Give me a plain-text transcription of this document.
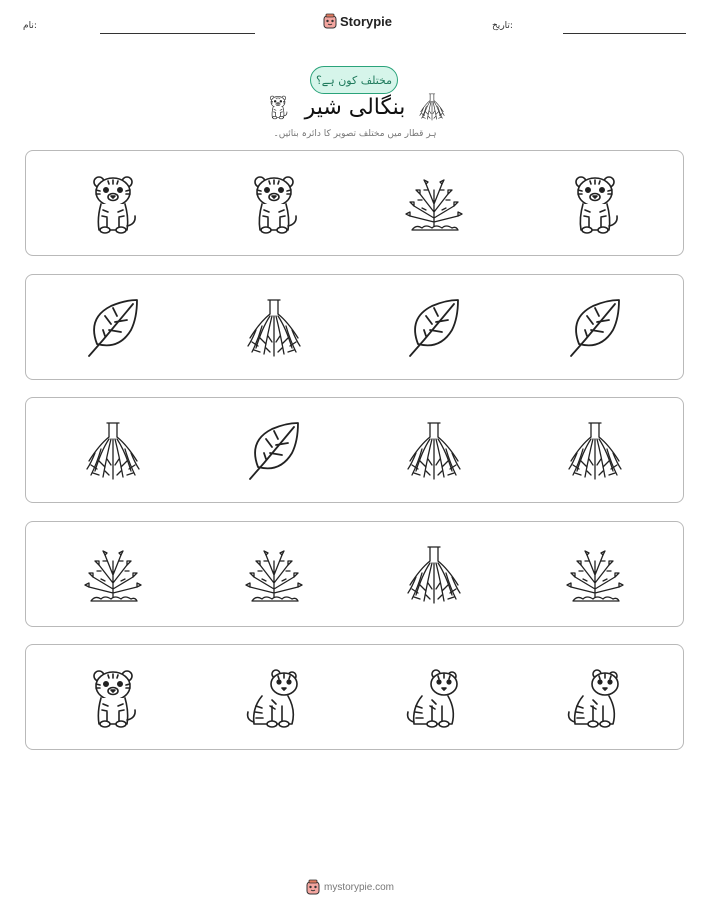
نام:	Storypie	تاریخ:
مختلف کون ہے؟
بنگالی شیر
ہر قطار میں مختلف تصویر کا دائرہ بنائیں۔
mystorypie.com
